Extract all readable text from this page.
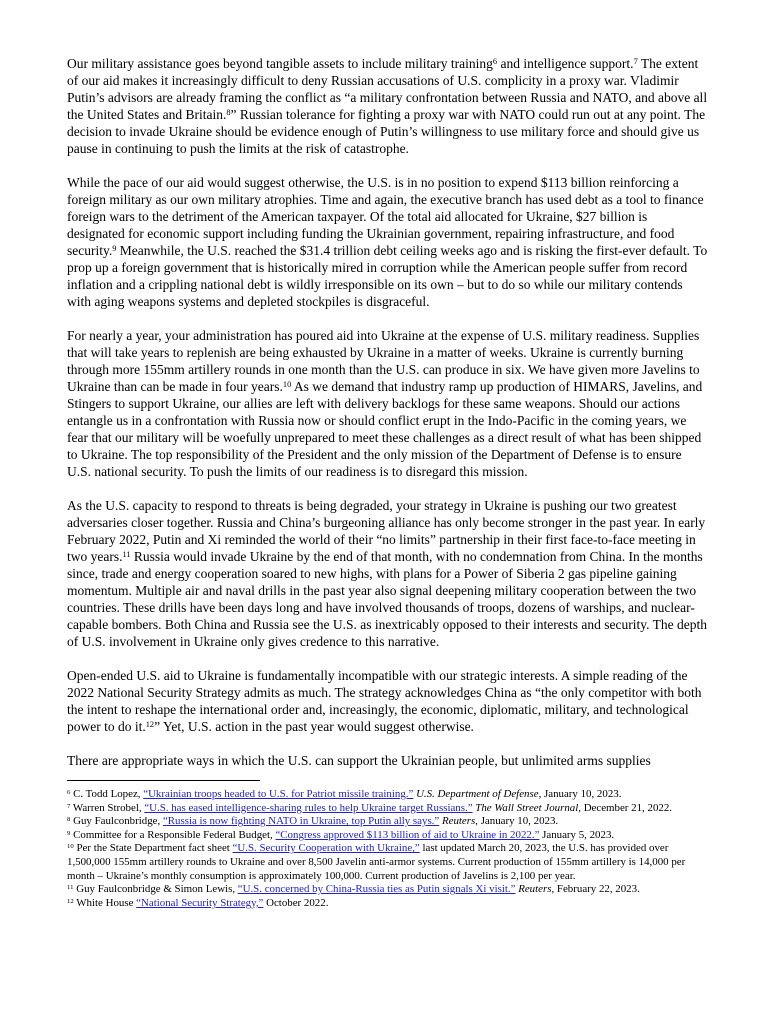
Our military assistance goes beyond tangible assets to include military training$^6$ and intelligence support.$^7$ The extent of our aid makes it increasingly difficult to deny Russian accusations of U.S. complicity in a proxy war. Vladimir Putin’s advisors are already framing the conflict as “a military confrontation between Russia and NATO, and above all the United States and Britain.$^8$” Russian tolerance for fighting a proxy war with NATO could run out at any point. The decision to invade Ukraine should be evidence enough of Putin’s willingness to use military force and should give us pause in continuing to push the limits at the risk of catastrophe.

While the pace of our aid would suggest otherwise, the U.S. is in no position to expend $113 billion reinforcing a foreign military as our own military atrophies. Time and again, the executive branch has used debt as a tool to finance foreign wars to the detriment of the American taxpayer. Of the total aid allocated for Ukraine, $27 billion is designated for economic support including funding the Ukrainian government, repairing infrastructure, and food security.$^9$ Meanwhile, the U.S. reached the $31.4 trillion debt ceiling weeks ago and is risking the first-ever default. To prop up a foreign government that is historically mired in corruption while the American people suffer from record inflation and a crippling national debt is wildly irresponsible on its own – but to do so while our military contends with aging weapons systems and depleted stockpiles is disgraceful.

For nearly a year, your administration has poured aid into Ukraine at the expense of U.S. military readiness. Supplies that will take years to replenish are being exhausted by Ukraine in a matter of weeks. Ukraine is currently burning through more 155mm artillery rounds in one month than the U.S. can produce in six. We have given more Javelins to Ukraine than can be made in four years.$^{10}$ As we demand that industry ramp up production of HIMARS, Javelins, and Stingers to support Ukraine, our allies are left with delivery backlogs for these same weapons. Should our actions entangle us in a confrontation with Russia now or should conflict erupt in the Indo-Pacific in the coming years, we fear that our military will be woefully unprepared to meet these challenges as a direct result of what has been shipped to Ukraine. The top responsibility of the President and the only mission of the Department of Defense is to ensure U.S. national security. To push the limits of our readiness is to disregard this mission.

As the U.S. capacity to respond to threats is being degraded, your strategy in Ukraine is pushing our two greatest adversaries closer together. Russia and China’s burgeoning alliance has only become stronger in the past year. In early February 2022, Putin and Xi reminded the world of their “no limits” partnership in their first face-to-face meeting in two years.$^{11}$ Russia would invade Ukraine by the end of that month, with no condemnation from China. In the months since, trade and energy cooperation soared to new highs, with plans for a Power of Siberia 2 gas pipeline gaining momentum. Multiple air and naval drills in the past year also signal deepening military cooperation between the two countries. These drills have been days long and have involved thousands of troops, dozens of warships, and nuclear-capable bombers. Both China and Russia see the U.S. as inextricably opposed to their interests and security. The depth of U.S. involvement in Ukraine only gives credence to this narrative.

Open-ended U.S. aid to Ukraine is fundamentally incompatible with our strategic interests. A simple reading of the 2022 National Security Strategy admits as much. The strategy acknowledges China as “the only competitor with both the intent to reshape the international order and, increasingly, the economic, diplomatic, military, and technological power to do it.$^{12}$” Yet, U.S. action in the past year would suggest otherwise.

There are appropriate ways in which the U.S. can support the Ukrainian people, but unlimited arms supplies

$^6$ C. Todd Lopez, “Ukrainian troops headed to U.S. for Patriot missile training.” U.S. Department of Defense, January 10, 2023.
$^7$ Warren Strobel, “U.S. has eased intelligence-sharing rules to help Ukraine target Russians.” The Wall Street Journal, December 21, 2022.
$^8$ Guy Faulconbridge, “Russia is now fighting NATO in Ukraine, top Putin ally says.” Reuters, January 10, 2023.
$^9$ Committee for a Responsible Federal Budget, “Congress approved $113 billion of aid to Ukraine in 2022.” January 5, 2023.
$^{10}$ Per the State Department fact sheet “U.S. Security Cooperation with Ukraine,” last updated March 20, 2023, the U.S. has provided over 1,500,000 155mm artillery rounds to Ukraine and over 8,500 Javelin anti-armor systems. Current production of 155mm artillery is 14,000 per month – Ukraine’s monthly consumption is approximately 100,000. Current production of Javelins is 2,100 per year.
$^{11}$ Guy Faulconbridge & Simon Lewis, “U.S. concerned by China-Russia ties as Putin signals Xi visit.” Reuters, February 22, 2023.
$^{12}$ White House “National Security Strategy,” October 2022.
